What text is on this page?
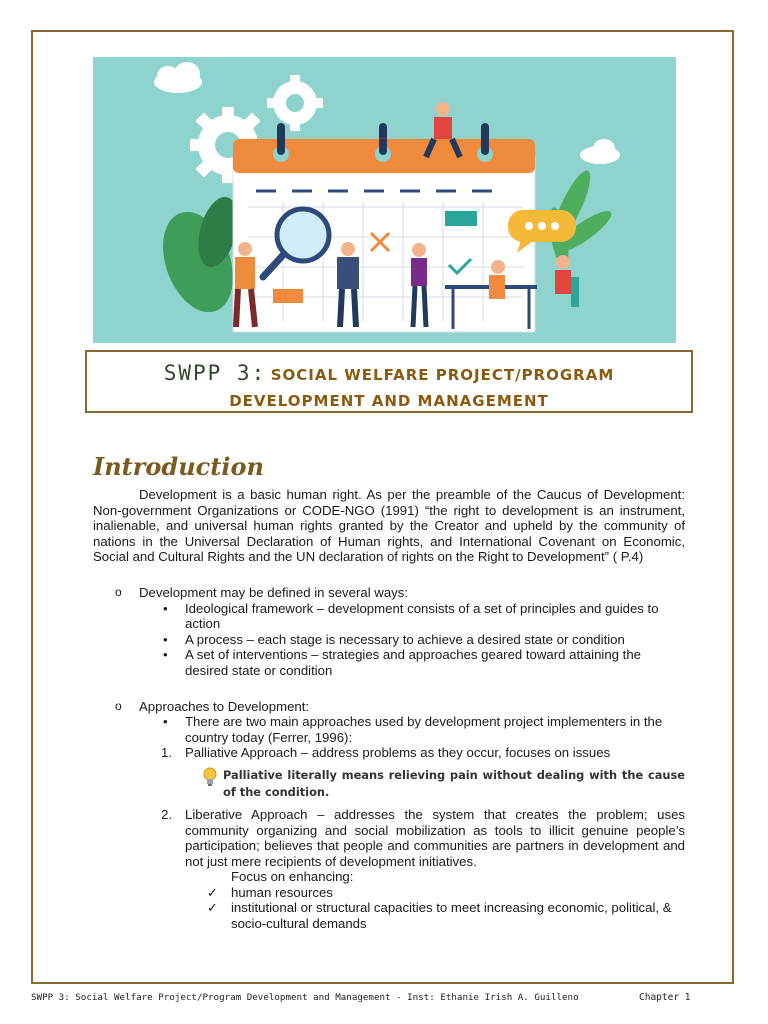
SWPP 3: SOCIAL WELFARE PROJECT/PROGRAM
DEVELOPMENT AND MANAGEMENT
Introduction

Development is a basic human right. As per the preamble of the Caucus of Development: Non-government Organizations or CODE-NGO (1991) “the right to development is an instrument, inalienable, and universal human rights granted by the Creator and upheld by the community of nations in the Universal Declaration of Human rights, and International Covenant on Economic, Social and Cultural Rights and the UN declaration of rights on the Right to Development” ( P.4)

o Development may be defined in several ways:
• Ideological framework – development consists of a set of principles and guides to action
• A process – each stage is necessary to achieve a desired state or condition
• A set of interventions – strategies and approaches geared toward attaining the desired state or condition
o Approaches to Development:
• There are two main approaches used by development project implementers in the country today (Ferrer, 1996):
1. Palliative Approach – address problems as they occur, focuses on issues
Palliative literally means relieving pain without dealing with the cause of the condition.
2. Liberative Approach – addresses the system that creates the problem; uses community organizing and social mobilization as tools to illicit genuine people’s participation; believes that people and communities are partners in development and not just mere recipients of development initiatives.
Focus on enhancing:
✓ human resources
✓ institutional or structural capacities to meet increasing economic, political, & socio-cultural demands
SWPP 3: Social Welfare Project/Program Development and Management - Inst: Ethanie Irish A. Guilleno	Chapter 1
